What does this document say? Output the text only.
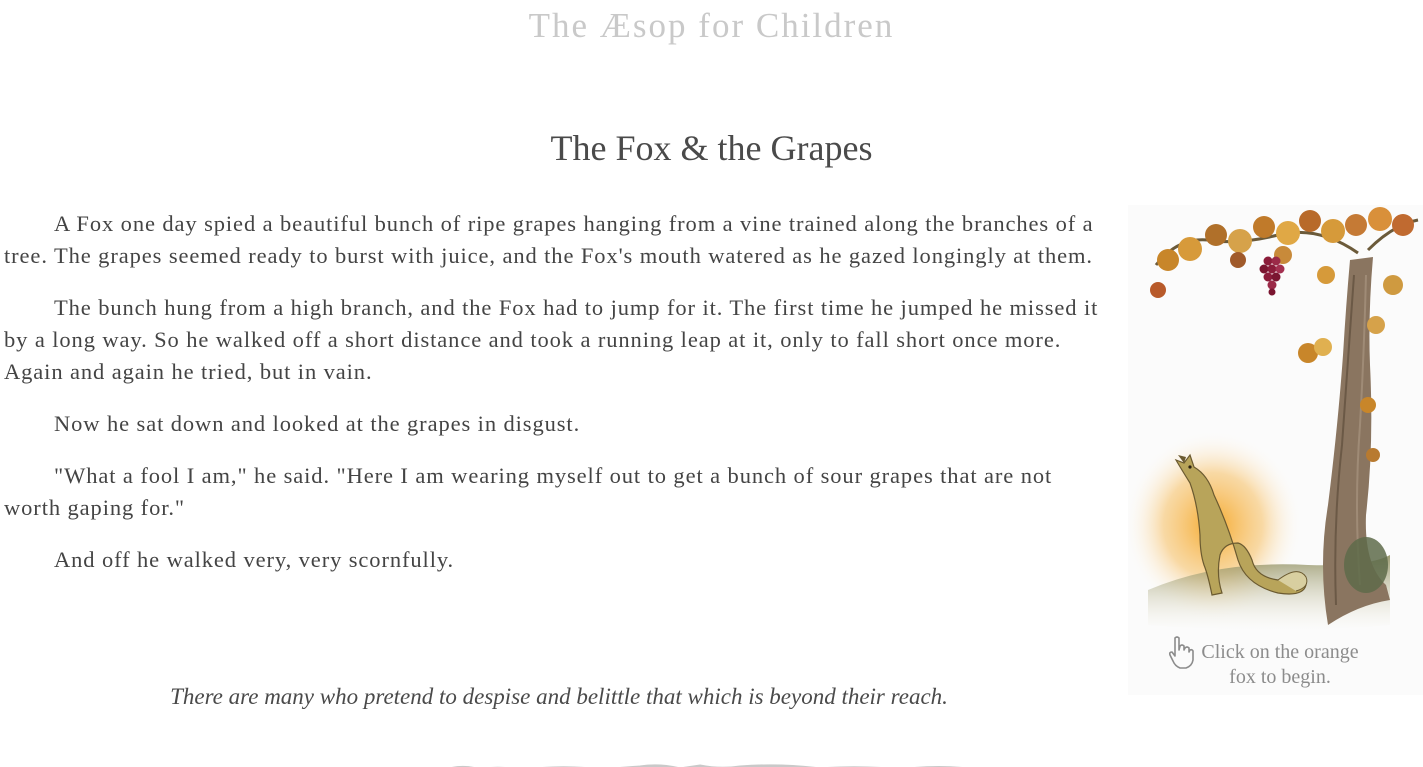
The Æsop for Children
The Fox & the Grapes

A Fox one day spied a beautiful bunch of ripe grapes hanging from a vine trained along the branches of a tree. The grapes seemed ready to burst with juice, and the Fox's mouth watered as he gazed longingly at them.

The bunch hung from a high branch, and the Fox had to jump for it. The first time he jumped he missed it by a long way. So he walked off a short distance and took a running leap at it, only to fall short once more. Again and again he tried, but in vain.

Now he sat down and looked at the grapes in disgust.

"What a fool I am," he said. "Here I am wearing myself out to get a bunch of sour grapes that are not worth gaping for."

And off he walked very, very scornfully.

There are many who pretend to despise and belittle that which is beyond their reach.

Click on the orange
fox to begin.
